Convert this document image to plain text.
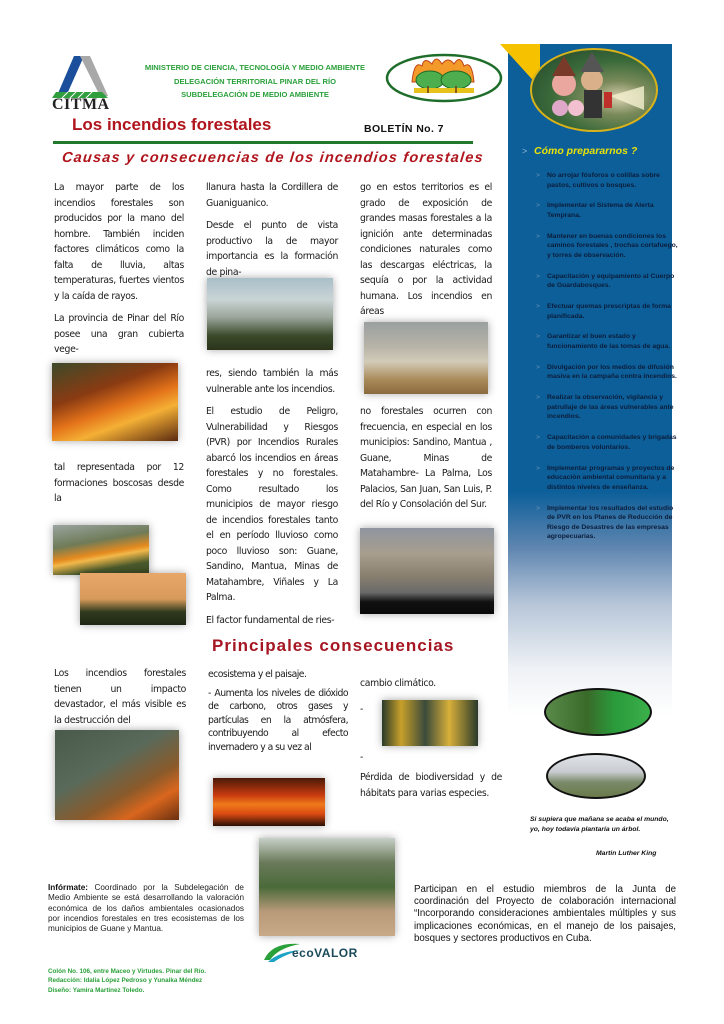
CITMA
MINISTERIO DE CIENCIA, TECNOLOGÍA Y MEDIO AMBIENTE
DELEGACIÓN TERRITORIAL PINAR DEL RÍO
SUBDELEGACIÓN DE MEDIO AMBIENTE
Los incendios forestales	BOLETÍN No. 7
Causas y consecuencias de los incendios forestales

La mayor parte de los incendios forestales son producidos por la mano del hombre. También inciden factores climáticos como la falta de lluvia, altas temperaturas, fuertes vientos y la caída de rayos.

La provincia de Pinar del Río posee una gran cubierta vege-

tal representada por 12 formaciones boscosas desde la

llanura hasta la Cordillera de Guaniguanico.

Desde el punto de vista productivo la de mayor importancia es la formación de pina-

res, siendo también la más vulnerable ante los incendios.

El estudio de Peligro, Vulnerabilidad y Riesgos (PVR) por Incendios Rurales abarcó los incendios en áreas forestales y no forestales. Como resultado los municipios de mayor riesgo de incendios forestales tanto el en período lluvioso como poco lluvioso son: Guane, Sandino, Mantua, Minas de Matahambre, Viñales y La Palma.

El factor fundamental de ries-

go en estos territorios es el grado de exposición de grandes masas forestales a la ignición ante determinadas condiciones naturales como las descargas eléctricas, la sequía o por la actividad humana. Los incendios en áreas

no forestales ocurren con frecuencia, en especial en los municipios: Sandino, Mantua , Guane, Minas de Matahambre- La Palma, Los Palacios, San Juan, San Luis, P. del Río y Consolación del Sur.

Principales consecuencias

Los incendios forestales tienen un impacto devastador, el más visible es la destrucción del

ecosistema y el paisaje.

- Aumenta los niveles de dióxido de carbono, otros gases y partículas en la atmósfera, contribuyendo al efecto invernadero y a su vez al

cambio climático.

-
-

Pérdida de biodiversidad y de hábitats para varias especies.

> Cómo prepararnos ?
> No arrojar fósforos o colillas sobre pastos, cultivos o bosques.
> Implementar el Sistema de Alerta Temprana.
> Mantener en buenas condiciones los caminos forestales , trochas cortafuego, y torres de observación.
> Capacitación y equipamiento al Cuerpo de Guardabosques.
> Efectuar quemas prescriptas de forma planificada.
> Garantizar el buen estado y funcionamiento de las tomas de agua.
> Divulgación por los medios de difusión masiva en la campaña contra incendios.
> Realizar la observación, vigilancia y patrullaje de las áreas vulnerables ante incendios.
> Capacitación a comunidades y brigadas de bomberos voluntarios.
> Implementar programas y proyectos de educación ambiental comunitaria y a distintos niveles de enseñanza.
> Implementar los resultados del estudio de PVR en los Planes de Reducción de Riesgo de Desastres de las empresas agropecuarias.
Si supiera que mañana se acaba el mundo, yo, hoy todavía plantaría un árbol.
Martin Luther King
Infórmate: Coordinado por la Subdelegación de Medio Ambiente se está desarrollando la valoración económica de los daños ambientales ocasionados por incendios forestales en tres ecosistemas de los municipios de Guane y Mantua.
ecoVALOR
Participan en el estudio miembros de la Junta de coordinación del Proyecto de colaboración internacional “Incorporando consideraciones ambientales múltiples y sus implicaciones económicas, en el manejo de los paisajes, bosques y sectores productivos en Cuba.
Colón No. 106, entre Maceo y Virtudes. Pinar del Río.
Redacción: Idalia López Pedroso y Yunaika Méndez
Diseño: Yamira Martínez Toledo.
